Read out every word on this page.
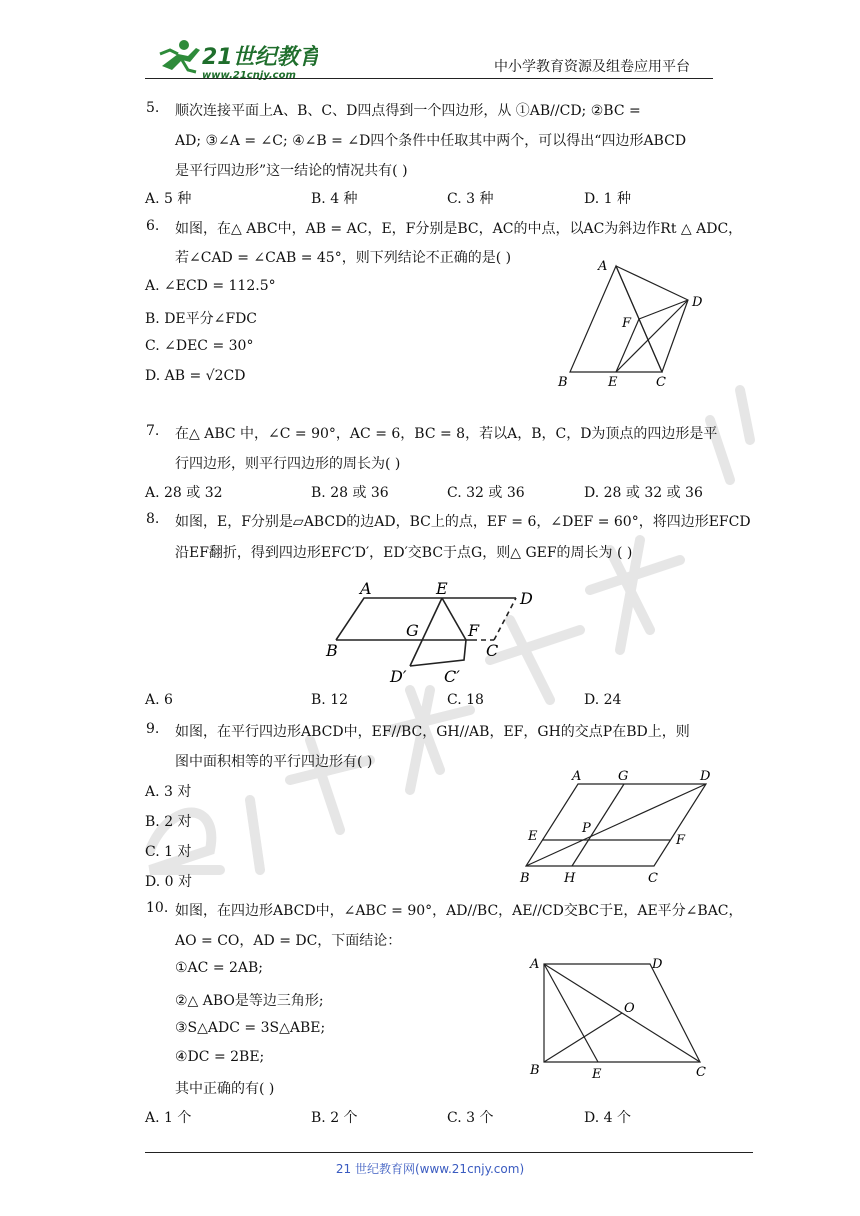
21世纪教育
www.21cnjy.com
中小学教育资源及组卷应用平台
5. 顺次连接平面上A、B、C、D四点得到一个四边形，从 ①AB//CD; ②BC =
AD; ③∠A = ∠C; ④∠B = ∠D四个条件中任取其中两个，可以得出“四边形ABCD
是平行四边形”这一结论的情况共有( )
A. 5 种	B. 4 种	C. 3 种	D. 1 种
6. 如图，在△ ABC中，AB = AC，E，F分别是BC，AC的中点，以AC为斜边作Rt △ ADC，
若∠CAD = ∠CAB = 45°，则下列结论不正确的是( )
A. ∠ECD = 112.5°
B. DE平分∠FDC
C. ∠DEC = 30°
D. AB = √2CD
A
D
F
B	E	C
7. 在△ ABC 中，∠C = 90°，AC = 6，BC = 8，若以A，B，C，D为顶点的四边形是平
行四边形，则平行四边形的周长为( )
A. 28 或 32	B. 28 或 36	C. 32 或 36	D. 28 或 32 或 36
8. 如图，E，F分别是▱ABCD的边AD，BC上的点，EF = 6，∠DEF = 60°，将四边形EFCD
沿EF翻折，得到四边形EFC′D′，ED′交BC于点G，则△ GEF的周长为 ( )
A	E
D
G	F
B	C
D′ C′
A. 6	B. 12	C. 18	D. 24
9. 如图，在平行四边形ABCD中，EF//BC，GH//AB，EF，GH的交点P在BD上，则
图中面积相等的平行四边形有( )
A. 3 对
B. 2 对
C. 1 对
D. 0 对
A	G	D
E
P
F
B	H	C
10. 如图，在四边形ABCD中，∠ABC = 90°，AD//BC，AE//CD交BC于E，AE平分∠BAC，
AO = CO，AD = DC，下面结论：
①AC = 2AB;
②△ ABO是等边三角形;
③S△ADC = 3S△ABE;
④DC = 2BE;
其中正确的有( )
A	D
O
B	E	C
A. 1 个	B. 2 个	C. 3 个	D. 4 个
21 世纪教育网(www.21cnjy.com)
